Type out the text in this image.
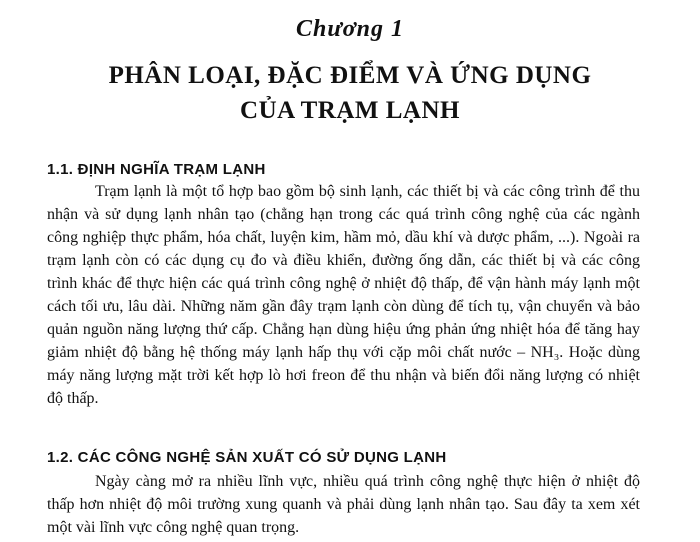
Chương 1
PHÂN LOẠI, ĐẶC ĐIỂM VÀ ỨNG DỤNG
CỦA TRẠM LẠNH
1.1. ĐỊNH NGHĨA TRẠM LẠNH
Trạm lạnh là một tổ hợp bao gồm bộ sinh lạnh, các thiết bị và các công trình để thu nhận và sử dụng lạnh nhân tạo (chẳng hạn trong các quá trình công nghệ của các ngành công nghiệp thực phẩm, hóa chất, luyện kim, hầm mỏ, dầu khí và dược phẩm, ...). Ngoài ra trạm lạnh còn có các dụng cụ đo và điều khiển, đường ống dẫn, các thiết bị và các công trình khác để thực hiện các quá trình công nghệ ở nhiệt độ thấp, để vận hành máy lạnh một cách tối ưu, lâu dài. Những năm gần đây trạm lạnh còn dùng để tích tụ, vận chuyển và bảo quản nguồn năng lượng thứ cấp. Chẳng hạn dùng hiệu ứng phản ứng nhiệt hóa để tăng hay giảm nhiệt độ bằng hệ thống máy lạnh hấp thụ với cặp môi chất nước – NH₃. Hoặc dùng máy năng lượng mặt trời kết hợp lò hơi freon để thu nhận và biến đổi năng lượng có nhiệt độ thấp.
1.2. CÁC CÔNG NGHỆ SẢN XUẤT CÓ SỬ DỤNG LẠNH
Ngày càng mở ra nhiều lĩnh vực, nhiều quá trình công nghệ thực hiện ở nhiệt độ thấp hơn nhiệt độ môi trường xung quanh và phải dùng lạnh nhân tạo. Sau đây ta xem xét một vài lĩnh vực công nghệ quan trọng.
